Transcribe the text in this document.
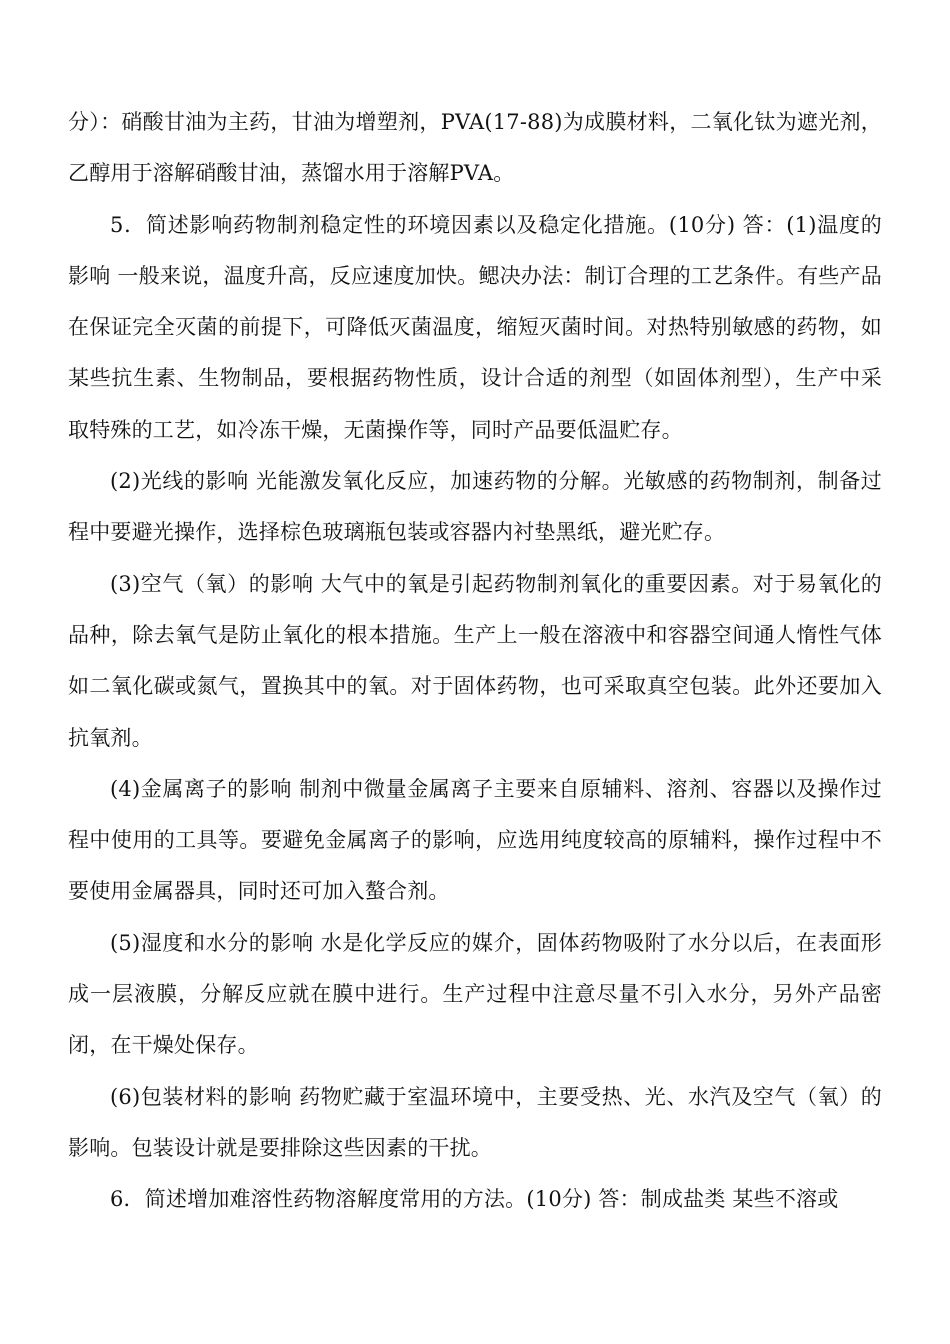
分）：硝酸甘油为主药，甘油为增塑剂，PVA(17-88)为成膜材料，二氧化钛为遮光剂，乙醇用于溶解硝酸甘油，蒸馏水用于溶解PVA。

5．简述影响药物制剂稳定性的环境因素以及稳定化措施。(10分) 答：(1)温度的影响 一般来说，温度升高，反应速度加快。鳃决办法：制订合理的工艺条件。有些产品在保证完全灭菌的前提下，可降低灭菌温度，缩短灭菌时间。对热特别敏感的药物，如某些抗生素、生物制品，要根据药物性质，设计合适的剂型（如固体剂型），生产中采取特殊的工艺，如冷冻干燥，无菌操作等，同时产品要低温贮存。

(2)光线的影响 光能激发氧化反应，加速药物的分解。光敏感的药物制剂，制备过程中要避光操作，选择棕色玻璃瓶包装或容器内衬垫黑纸，避光贮存。

(3)空气（氧）的影响 大气中的氧是引起药物制剂氧化的重要因素。对于易氧化的品种，除去氧气是防止氧化的根本措施。生产上一般在溶液中和容器空间通人惰性气体如二氧化碳或氮气，置换其中的氧。对于固体药物，也可采取真空包装。此外还要加入抗氧剂。

(4)金属离子的影响 制剂中微量金属离子主要来自原辅料、溶剂、容器以及操作过程中使用的工具等。要避免金属离子的影响，应选用纯度较高的原辅料，操作过程中不要使用金属器具，同时还可加入螯合剂。

(5)湿度和水分的影响 水是化学反应的媒介，固体药物吸附了水分以后，在表面形成一层液膜，分解反应就在膜中进行。生产过程中注意尽量不引入水分，另外产品密闭，在干燥处保存。

(6)包装材料的影响 药物贮藏于室温环境中，主要受热、光、水汽及空气（氧）的影响。包装设计就是要排除这些因素的干扰。

6．简述增加难溶性药物溶解度常用的方法。(10分) 答：制成盐类 某些不溶或
